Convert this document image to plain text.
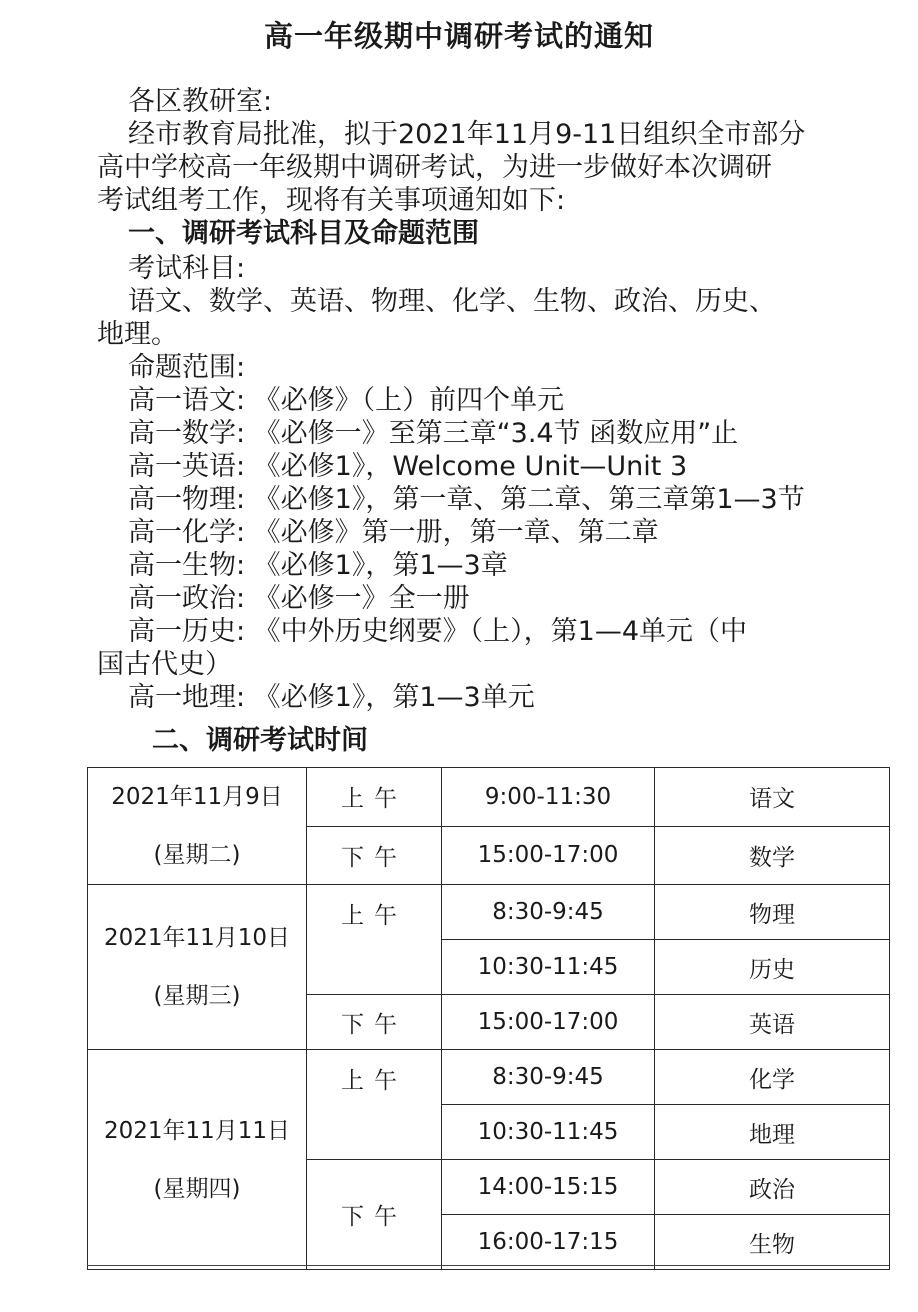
高一年级期中调研考试的通知
各区教研室:
经市教育局批准，拟于2021年11月9-11日组织全市部分
高中学校高一年级期中调研考试，为进一步做好本次调研
考试组考工作，现将有关事项通知如下:
一、调研考试科目及命题范围
考试科目:
语文、数学、英语、物理、化学、生物、政治、历史、
地理。
命题范围:
高一语文: 《必修》（上）前四个单元
高一数学: 《必修一》至第三章“3.4节 函数应用”止
高一英语: 《必修1》，Welcome Unit—Unit 3
高一物理: 《必修1》，第一章、第二章、第三章第1—3节
高一化学: 《必修》第一册，第一章、第二章
高一生物: 《必修1》，第1—3章
高一政治: 《必修一》全一册
高一历史: 《中外历史纲要》（上），第1—4单元（中
国古代史）
高一地理: 《必修1》，第1—3单元
二、调研考试时间
2021年11月9日
(星期二)	上午	9:00-11:30	语文
	下午	15:00-17:00	数学

2021年11月10日
(星期三)	上午	8:30-9:45	物理
		10:30-11:45	历史
	下午	15:00-17:00	英语

2021年11月11日
(星期四)	上午	8:30-9:45	化学
		10:30-11:45	地理
	下午	14:00-15:15	政治
		16:00-17:15	生物
